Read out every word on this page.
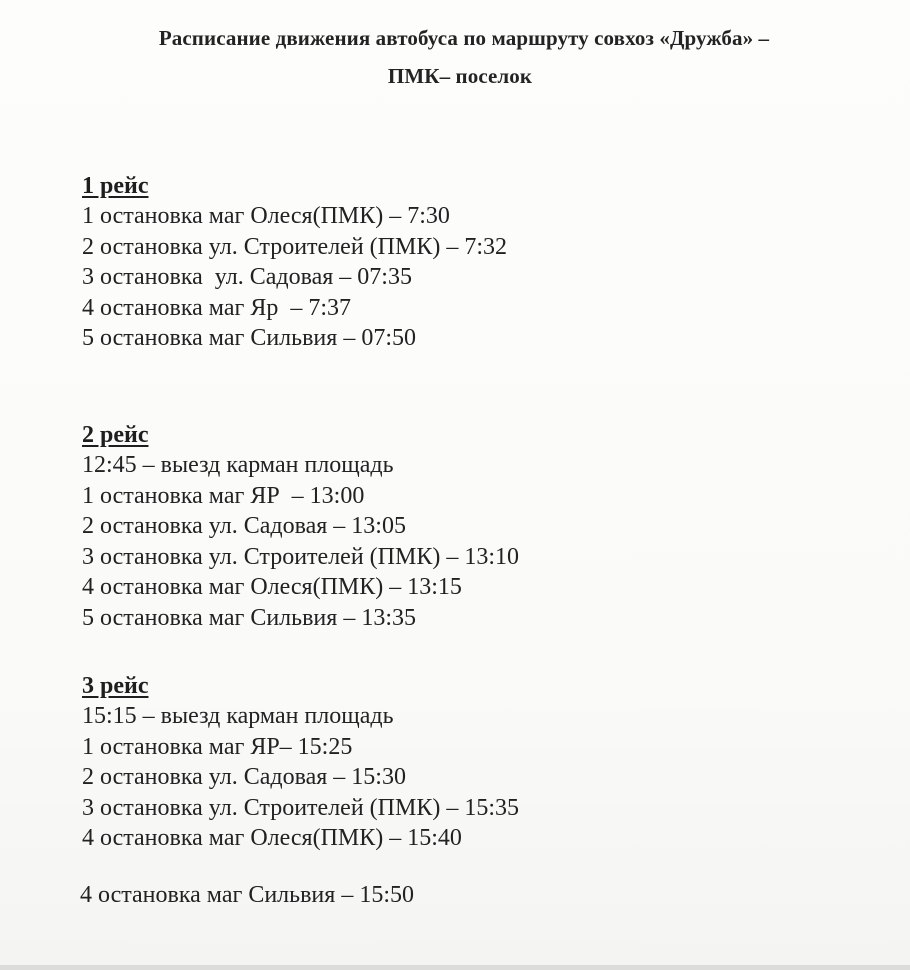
Расписание движения автобуса по маршруту совхоз «Дружба» –
ПМК– поселок
1 рейс
1 остановка маг Олеся(ПМК) – 7:30
2 остановка ул. Строителей (ПМК) – 7:32
3 остановка  ул. Садовая – 07:35
4 остановка маг Яр  – 7:37
5 остановка маг Сильвия – 07:50
2 рейс
12:45 – выезд карман площадь
1 остановка маг ЯР  – 13:00
2 остановка ул. Садовая – 13:05
3 остановка ул. Строителей (ПМК) – 13:10
4 остановка маг Олеся(ПМК) – 13:15
5 остановка маг Сильвия – 13:35
3 рейс
15:15 – выезд карман площадь
1 остановка маг ЯР– 15:25
2 остановка ул. Садовая – 15:30
3 остановка ул. Строителей (ПМК) – 15:35
4 остановка маг Олеся(ПМК) – 15:40
4 остановка маг Сильвия – 15:50
